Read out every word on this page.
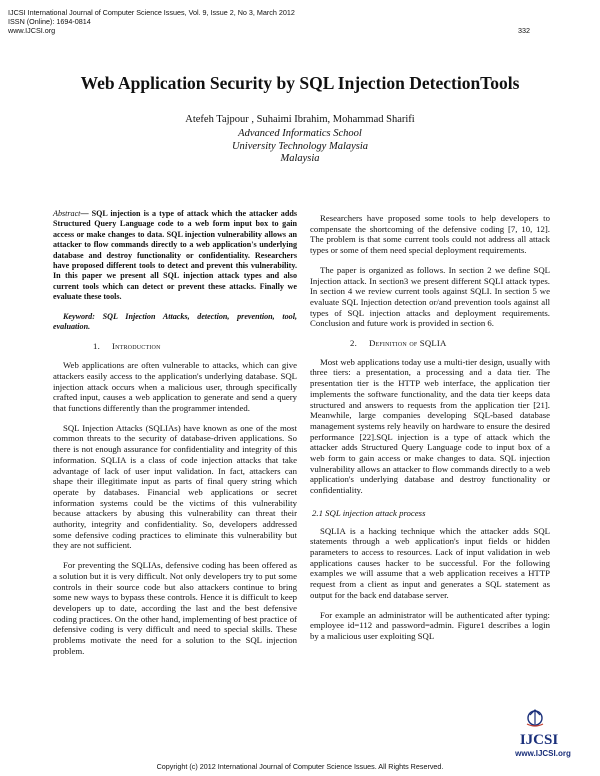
IJCSI International Journal of Computer Science Issues, Vol. 9, Issue 2, No 3, March 2012
ISSN (Online): 1694-0814
www.IJCSI.org	332
Web Application Security by SQL Injection DetectionTools
Atefeh Tajpour , Suhaimi Ibrahim, Mohammad Sharifi
Advanced Informatics School
University Technology Malaysia
Malaysia

Abstract— SQL injection is a type of attack which the attacker adds Structured Query Language code to a web form input box to gain access or make changes to data. SQL injection vulnerability allows an attacker to flow commands directly to a web application's underlying database and destroy functionality or confidentiality. Researchers have proposed different tools to detect and prevent this vulnerability. In this paper we present all SQL injection attack types and also current tools which can detect or prevent these attacks. Finally we evaluate these tools.

Keyword: SQL Injection Attacks, detection, prevention, tool, evaluation.

1. Introduction

Web applications are often vulnerable to attacks, which can give attackers easily access to the application's underlying database. SQL injection attack occurs when a malicious user, through specifically crafted input, causes a web application to generate and send a query that functions differently than the programmer intended.

SQL Injection Attacks (SQLIAs) have known as one of the most common threats to the security of database-driven applications. So there is not enough assurance for confidentiality and integrity of this information. SQLIA is a class of code injection attacks that take advantage of lack of user input validation. In fact, attackers can shape their illegitimate input as parts of final query string which operate by databases. Financial web applications or secret information systems could be the victims of this vulnerability because attackers by abusing this vulnerability can threat their authority, integrity and confidentiality. So, developers addressed some defensive coding practices to eliminate this vulnerability but they are not sufficient.

For preventing the SQLIAs, defensive coding has been offered as a solution but it is very difficult. Not only developers try to put some controls in their source code but also attackers continue to bring some new ways to bypass these controls. Hence it is difficult to keep developers up to date, according the last and the best defensive coding practices. On the other hand, implementing of best practice of defensive coding is very difficult and need to special skills. These problems motivate the need for a solution to the SQL injection problem.

Researchers have proposed some tools to help developers to compensate the shortcoming of the defensive coding [7, 10, 12]. The problem is that some current tools could not address all attack types or some of them need special deployment requirements.

The paper is organized as follows. In section 2 we define SQL Injection attack. In section3 we present different SQLI attack types. In section 4 we review current tools against SQLI. In section 5 we evaluate SQL Injection detection or/and prevention tools against all types of SQL injection attacks and deployment requirements. Conclusion and future work is provided in section 6.

2. Definition of SQLIA

Most web applications today use a multi-tier design, usually with three tiers: a presentation, a processing and a data tier. The presentation tier is the HTTP web interface, the application tier implements the software functionality, and the data tier keeps data structured and answers to requests from the application tier [21]. Meanwhile, large companies developing SQL-based database management systems rely heavily on hardware to ensure the desired performance [22].SQL injection is a type of attack which the attacker adds Structured Query Language code to input box of a web form to gain access or make changes to data. SQL injection vulnerability allows an attacker to flow commands directly to a web application's underlying database and destroy functionality or confidentiality.

2.1 SQL injection attack process

SQLIA is a hacking technique which the attacker adds SQL statements through a web application's input fields or hidden parameters to access to resources. Lack of input validation in web applications causes hacker to be successful. For the following examples we will assume that a web application receives a HTTP request from a client as input and generates a SQL statement as output for the back end database server.

For example an administrator will be authenticated after typing: employee id=112 and password=admin. Figure1 describes a login by a malicious user exploiting SQL

IJCSI
www.IJCSI.org
Copyright (c) 2012 International Journal of Computer Science Issues. All Rights Reserved.
